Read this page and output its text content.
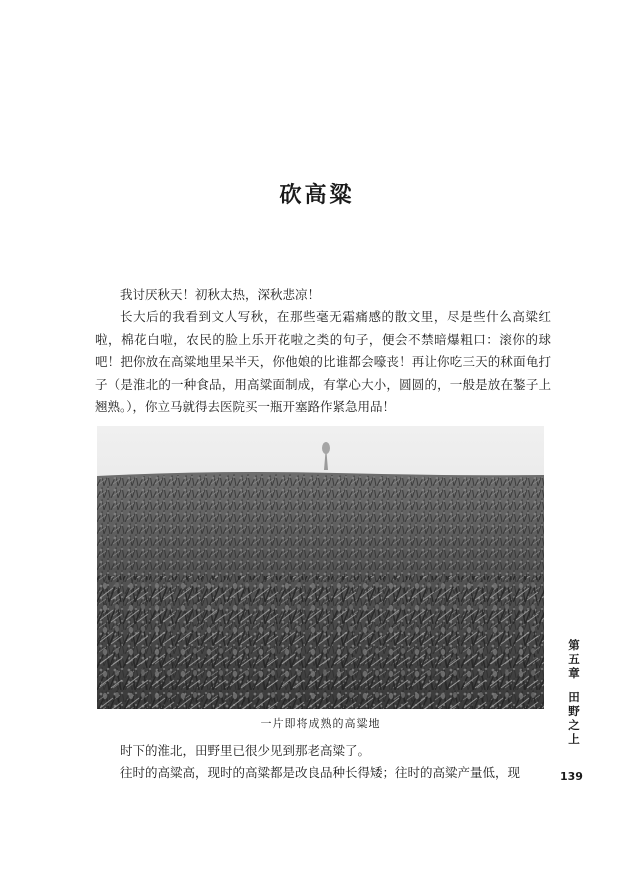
砍高粱

我讨厌秋天！初秋太热，深秋悲凉！

长大后的我看到文人写秋，在那些毫无霜痛感的散文里，尽是些什么高粱红啦，棉花白啦，农民的脸上乐开花啦之类的句子，便会不禁暗爆粗口：滚你的球吧！把你放在高粱地里呆半天，你他娘的比谁都会嚎丧！再让你吃三天的秫面龟打子（是淮北的一种食品，用高粱面制成，有掌心大小，圆圆的，一般是放在鏊子上翘熟。），你立马就得去医院买一瓶开塞路作紧急用品！

一片即将成熟的高粱地

时下的淮北，田野里已很少见到那老高粱了。

往时的高粱高，现时的高粱都是改良品种长得矮；往时的高粱产量低，现

第五章
田野之上
139
